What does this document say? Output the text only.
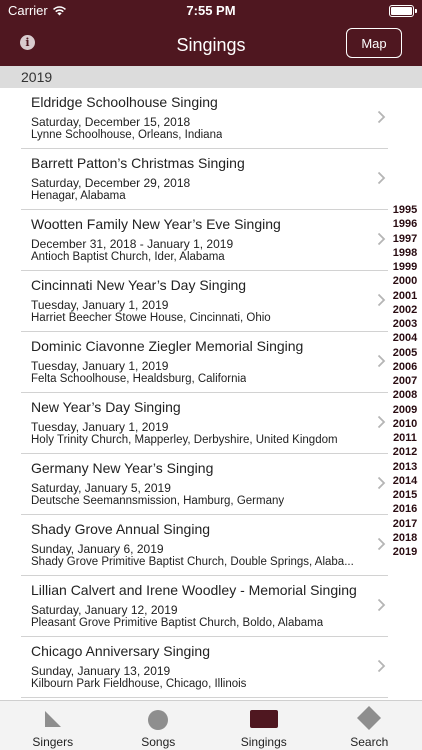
Carrier	7:55 PM
i	Singings	Map
2019
Eldridge Schoolhouse Singing
Saturday, December 15, 2018
Lynne Schoolhouse, Orleans, Indiana
Barrett Patton’s Christmas Singing
Saturday, December 29, 2018
Henagar, Alabama
Wootten Family New Year’s Eve Singing
December 31, 2018 - January 1, 2019
Antioch Baptist Church, Ider, Alabama
Cincinnati New Year’s Day Singing
Tuesday, January 1, 2019
Harriet Beecher Stowe House, Cincinnati, Ohio
Dominic Ciavonne Ziegler Memorial Singing
Tuesday, January 1, 2019
Felta Schoolhouse, Healdsburg, California
New Year’s Day Singing
Tuesday, January 1, 2019
Holy Trinity Church, Mapperley, Derbyshire, United Kingdom
Germany New Year’s Singing
Saturday, January 5, 2019
Deutsche Seemannsmission, Hamburg, Germany
Shady Grove Annual Singing
Sunday, January 6, 2019
Shady Grove Primitive Baptist Church, Double Springs, Alaba...
Lillian Calvert and Irene Woodley - Memorial Singing
Saturday, January 12, 2019
Pleasant Grove Primitive Baptist Church, Boldo, Alabama
Chicago Anniversary Singing
Sunday, January 13, 2019
Kilbourn Park Fieldhouse, Chicago, Illinois
1995
1996
1997
1998
1999
2000
2001
2002
2003
2004
2005
2006
2007
2008
2009
2010
2011
2012
2013
2014
2015
2016
2017
2018
2019
Singers	Songs	Singings	Search
